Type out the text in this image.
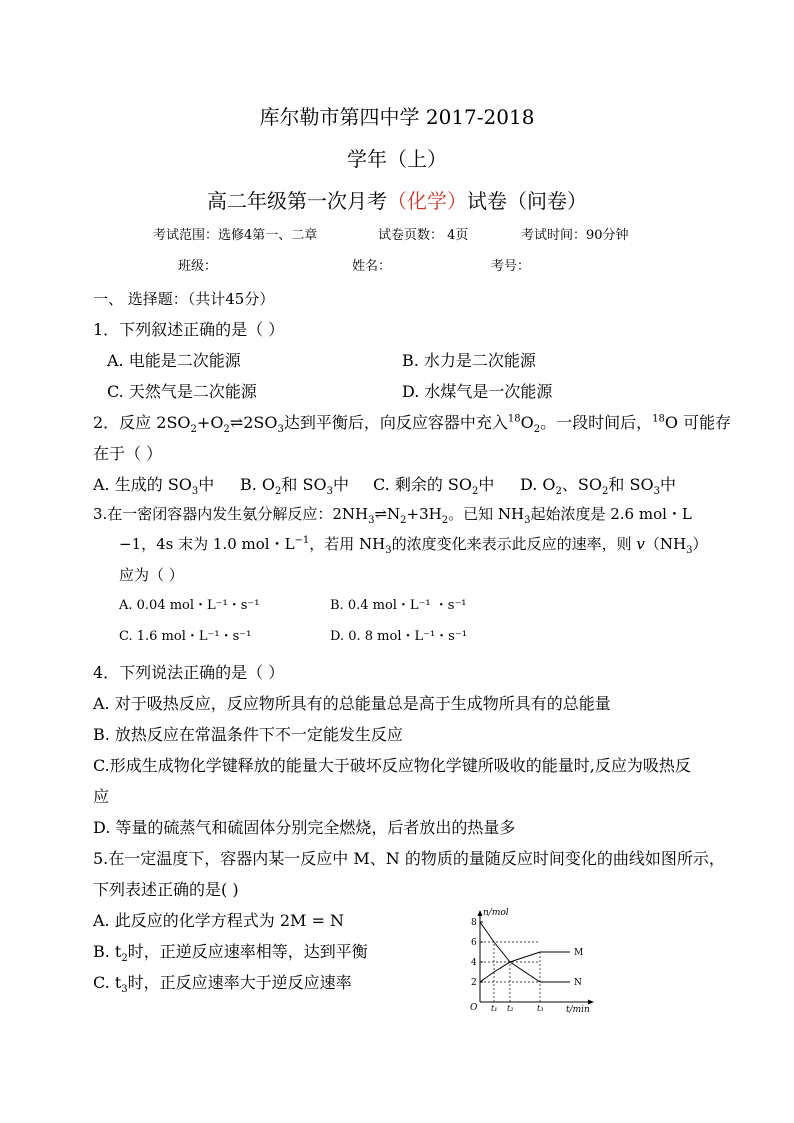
库尔勒市第四中学 2017-2018
学年（上）
高二年级第一次月考（化学）试卷（问卷）
考试范围：选修4第一、二章	试卷页数： 4页	考试时间：90分钟
班级：	姓名：	考号：
一、 选择题：（共计45分）
1．下列叙述正确的是（ ）
A. 电能是二次能源	B. 水力是二次能源
C. 天然气是二次能源	D. 水煤气是一次能源
2．反应 $2SO_2+O_2\rightleftharpoons 2SO_3$达到平衡后，向反应容器中充入$^{18}O_2$。一段时间后，$^{18}$O 可能存
在于（ ）
A. 生成的 $SO_3$中 B. $O_2$和 $SO_3$中 C. 剩余的 $SO_2$中 D. $O_2$、$SO_2$和 $SO_3$中
3.在一密闭容器内发生氨分解反应：$2NH_3\rightleftharpoons N_2+3H_2$。已知 $NH_3$起始浓度是 2.6 mol・L
−1，4s 末为 1.0 mol・$L^{-1}$，若用 $NH_3$的浓度变化来表示此反应的速率，则 $v(NH_3)$
应为（ ）
A. 0.04 mol・L⁻¹・s⁻¹	B. 0.4 mol・L⁻¹ ・s⁻¹
C. 1.6 mol・L⁻¹・s⁻¹	D. 0. 8 mol・L⁻¹・s⁻¹
4．下列说法正确的是（ ）
A. 对于吸热反应，反应物所具有的总能量总是高于生成物所具有的总能量
B. 放热反应在常温条件下不一定能发生反应
C.形成生成物化学键释放的能量大于破坏反应物化学键所吸收的能量时,反应为吸热反
应
D. 等量的硫蒸气和硫固体分别完全燃烧，后者放出的热量多
5.在一定温度下，容器内某一反应中 M、N 的物质的量随反应时间变化的曲线如图所示，
下列表述正确的是( )
A. 此反应的化学方程式为 2M = N
B. $t_2$时，正逆反应速率相等，达到平衡
C. $t_3$时，正反应速率大于逆反应速率
n/mol
t/min
O
2
4
6
8
t₁ t₂	t₃
M
N
